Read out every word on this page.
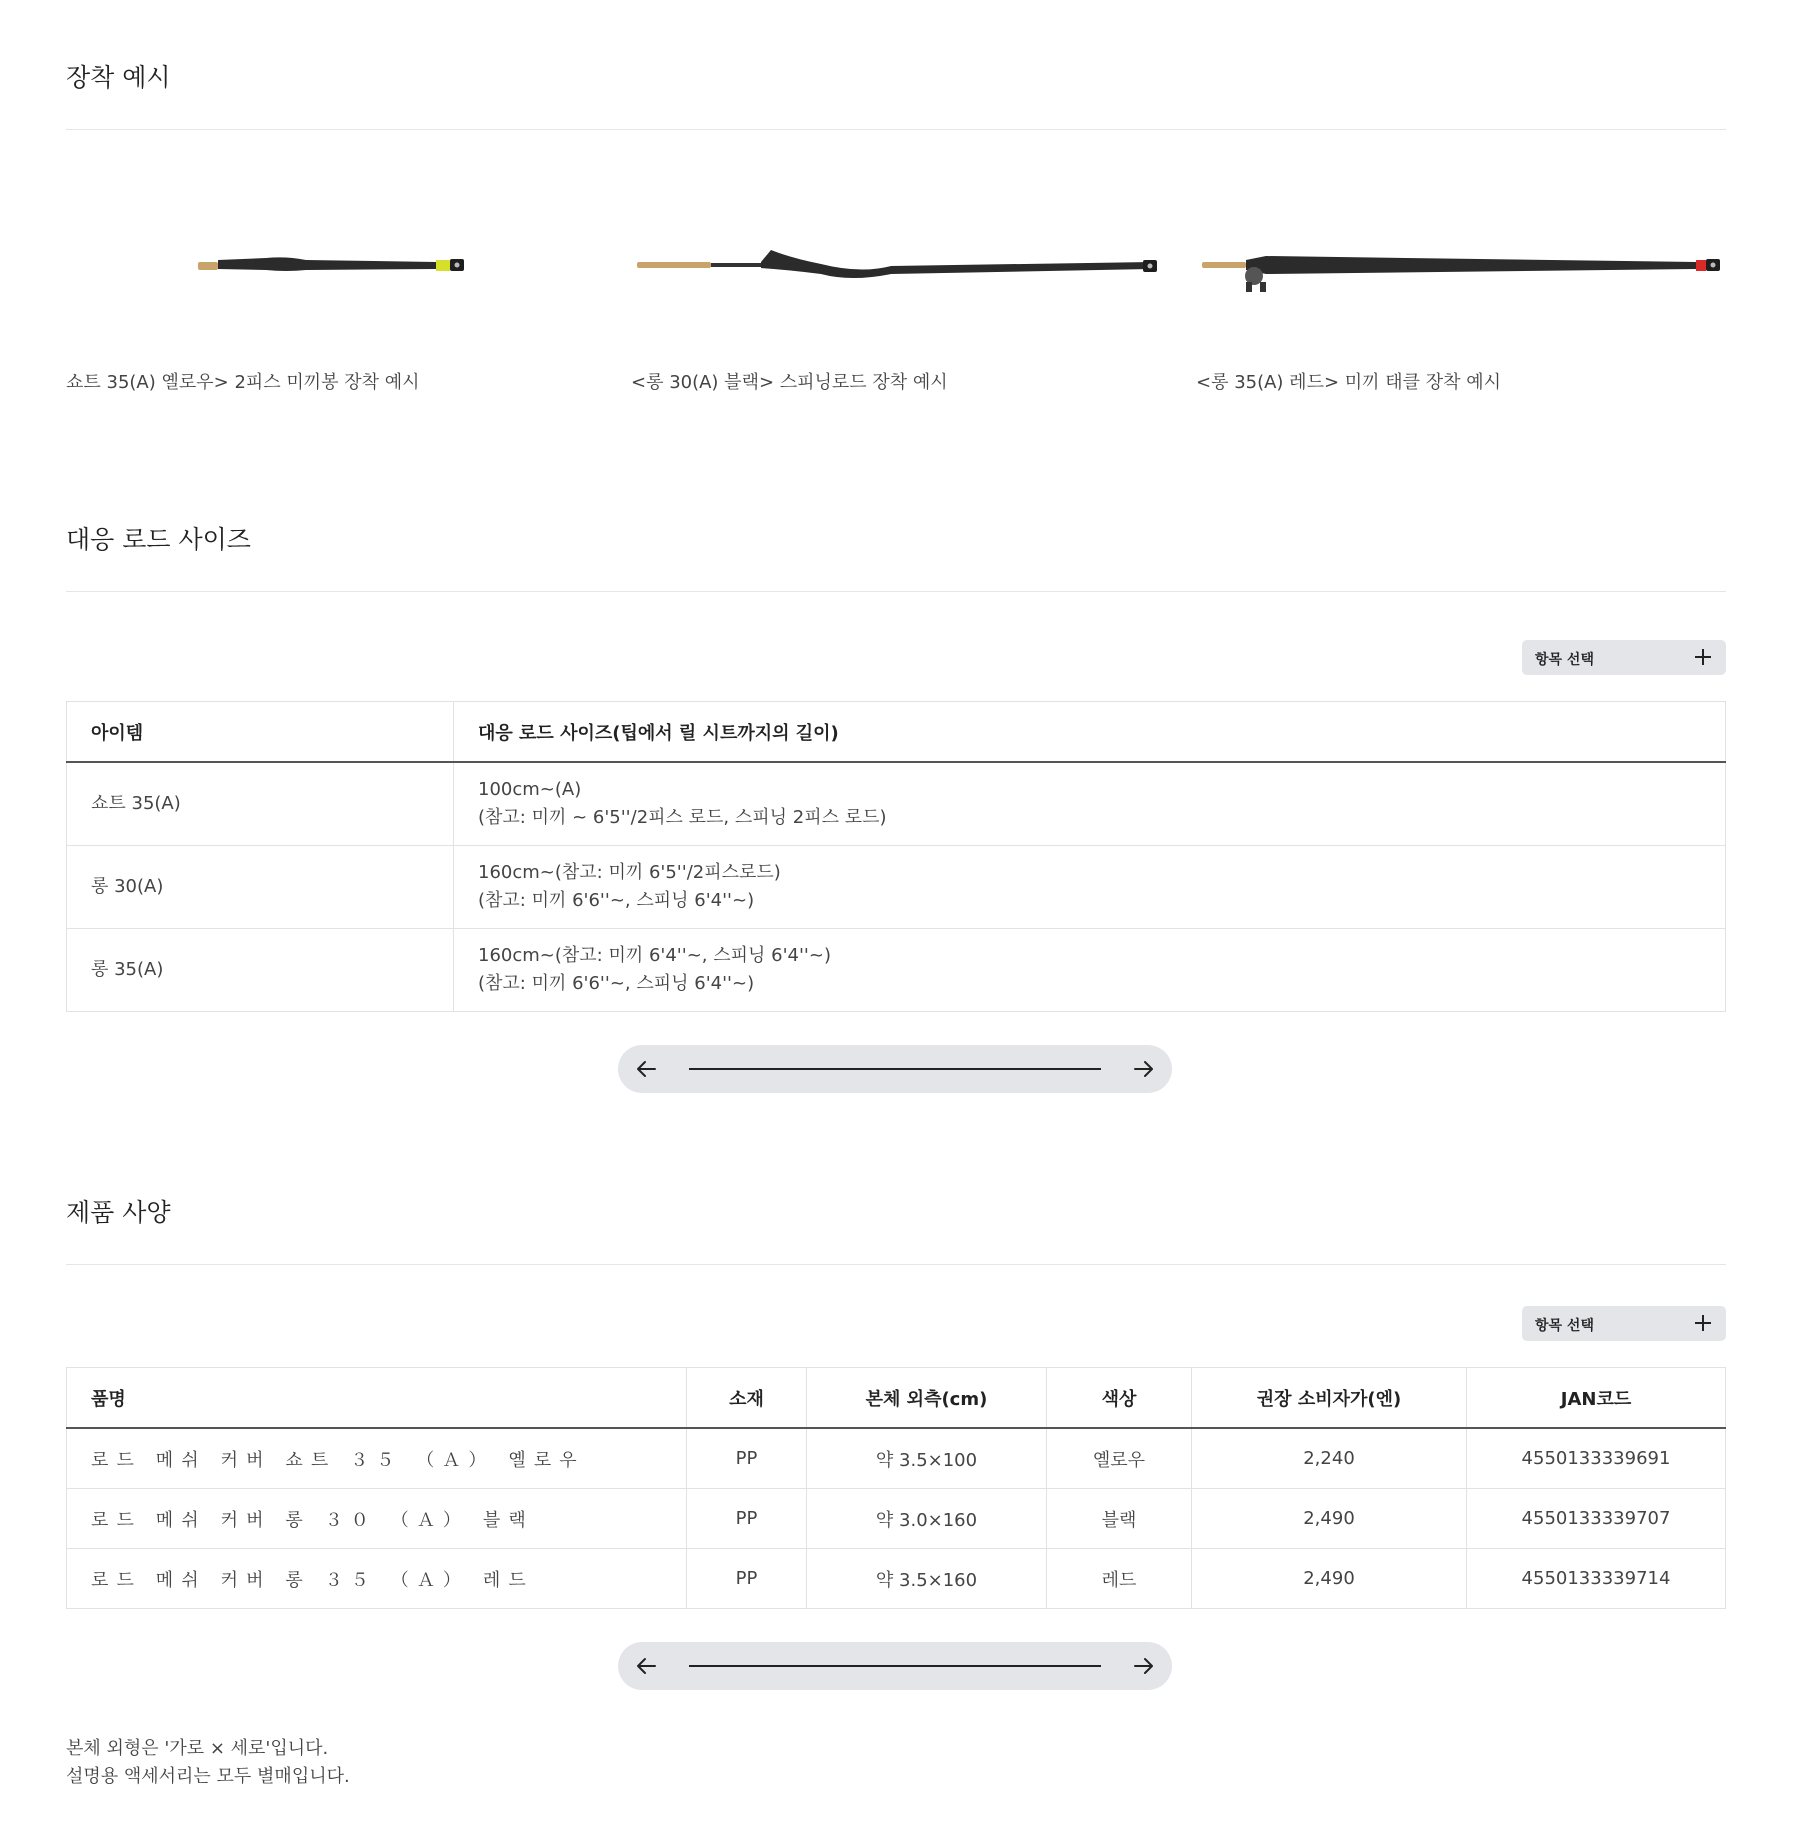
장착 예시
쇼트 35(A) 옐로우> 2피스 미끼봉 장착 예시	<롱 30(A) 블랙> 스피닝로드 장착 예시	<롱 35(A) 레드> 미끼 태클 장착 예시
대응 로드 사이즈
항목 선택
아이템	대응 로드 사이즈(팁에서 릴 시트까지의 길이)
쇼트 35(A)	100cm~(A)
(참고: 미끼 ~ 6'5''/2피스 로드, 스피닝 2피스 로드)

롱 30(A)	160cm~(참고: 미끼 6'5''/2피스로드)
(참고: 미끼 6'6''~, 스피닝 6'4''~)

롱 35(A)	160cm~(참고: 미끼 6'4''~, 스피닝 6'4''~)
(참고: 미끼 6'6''~, 스피닝 6'4''~)
제품 사양
항목 선택
품명	소재	본체 외측(cm)	색상	권장 소비자가(엔)	JAN코드
로드 메쉬 커버 쇼트 ３５ （Ａ） 옐로우	PP	약 3.5×100	옐로우	2,240	4550133339691
로드 메쉬 커버 롱 ３０ （Ａ） 블랙	PP	약 3.0×160	블랙	2,490	4550133339707
로드 메쉬 커버 롱 ３５ （Ａ） 레드	PP	약 3.5×160	레드	2,490	4550133339714
본체 외형은 '가로 × 세로'입니다.
설명용 액세서리는 모두 별매입니다.
